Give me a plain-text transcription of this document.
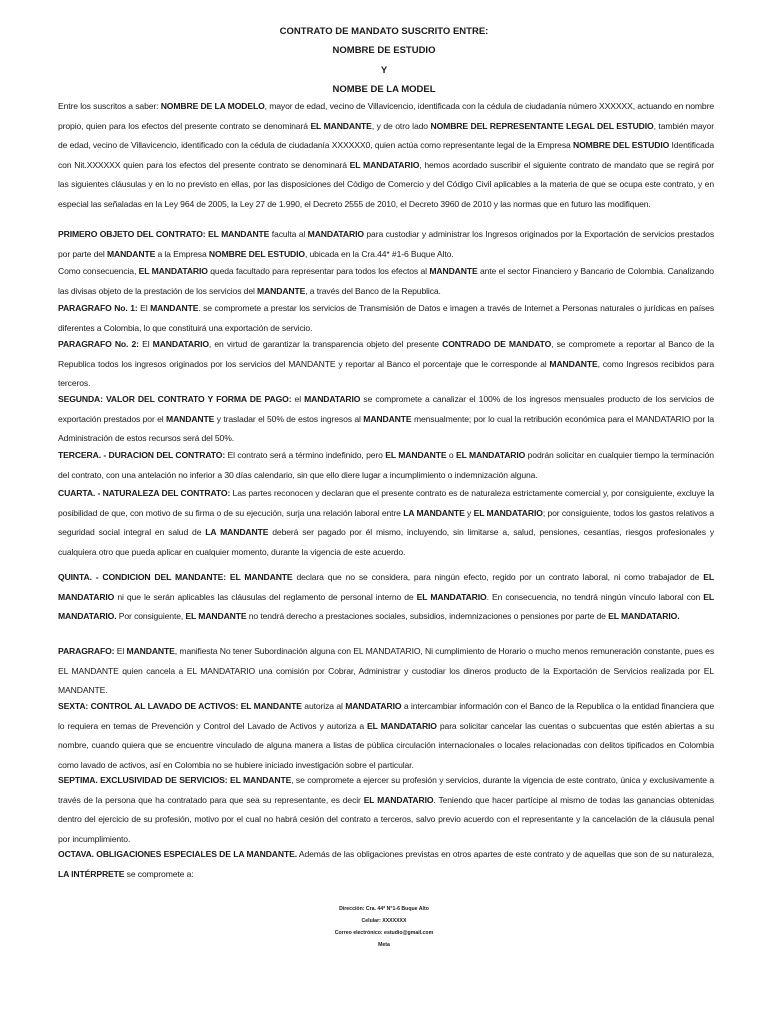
CONTRATO DE MANDATO SUSCRITO ENTRE:
NOMBRE DE ESTUDIO
Y
NOMBE DE LA MODEL
Entre los suscritos a saber: NOMBRE DE LA MODELO, mayor de edad, vecino de Villavicencio, identificada con la cédula de ciudadanía número XXXXXX, actuando en nombre propio, quien para los efectos del presente contrato se denominará EL MANDANTE, y de otro lado NOMBRE DEL REPRESENTANTE LEGAL DEL ESTUDIO, también mayor de edad, vecino de Villavicencio, identificado con la cédula de ciudadanía XXXXXX0, quien actúa como representante legal de la Empresa NOMBRE DEL ESTUDIO Identificada con Nit.XXXXXX quien para los efectos del presente contrato se denominará EL MANDATARIO, hemos acordado suscribir el siguiente contrato de mandato que se regirá por las siguientes cláusulas y en lo no previsto en ellas, por las disposiciones del Código de Comercio y del Código Civil aplicables a la materia de que se ocupa este contrato, y en especial las señaladas en la Ley 964 de 2005, la Ley 27 de 1.990, el Decreto 2555 de 2010, el Decreto 3960 de 2010 y las normas que en futuro las modifiquen.
PRIMERO OBJETO DEL CONTRATO: EL MANDANTE faculta al MANDATARIO para custodiar y administrar los Ingresos originados por la Exportación de servicios prestados por parte del MANDANTE a la Empresa NOMBRE DEL ESTUDIO, ubicada en la Cra.44* #1-6 Buque Alto.
Como consecuencia, EL MANDATARIO queda facultado para representar para todos los efectos al MANDANTE ante el sector Financiero y Bancario de Colombia. Canalizando las divisas objeto de la prestación de los servicios del MANDANTE, a través del Banco de la Republica.
PARAGRAFO No. 1: El MANDANTE. se compromete a prestar los servicios de Transmisión de Datos e imagen a través de Internet a Personas naturales o jurídicas en países diferentes a Colombia, lo que constituirá una exportación de servicio.
PARAGRAFO No. 2: El MANDATARIO, en virtud de garantizar la transparencia objeto del presente CONTRADO DE MANDATO, se compromete a reportar al Banco de la Republica todos los ingresos originados por los servicios del MANDANTE y reportar al Banco el porcentaje que le corresponde al MANDANTE, como Ingresos recibidos para terceros.
SEGUNDA: VALOR DEL CONTRATO Y FORMA DE PAGO: el MANDATARIO se compromete a canalizar el 100% de los ingresos mensuales producto de los servicios de exportación prestados por el MANDANTE y trasladar el 50% de estos ingresos al MANDANTE mensualmente; por lo cual la retribución económica para el MANDATARIO por la Administración de estos recursos será del 50%.
TERCERA. - DURACION DEL CONTRATO: El contrato será a término indefinido, pero EL MANDANTE o EL MANDATARIO podrán solicitar en cualquier tiempo la terminación del contrato, con una antelación no inferior a 30 días calendario, sin que ello diere lugar a incumplimiento o indemnización alguna.
CUARTA. - NATURALEZA DEL CONTRATO: Las partes reconocen y declaran que el presente contrato es de naturaleza estrictamente comercial y, por consiguiente, excluye la posibilidad de que, con motivo de su firma o de su ejecución, surja una relación laboral entre LA MANDANTE y EL MANDATARIO; por consiguiente, todos los gastos relativos a seguridad social integral en salud de LA MANDANTE deberá ser pagado por él mismo, incluyendo, sin limitarse a, salud, pensiones, cesantías, riesgos profesionales y cualquiera otro que pueda aplicar en cualquier momento, durante la vigencia de este acuerdo.
QUINTA. - CONDICION DEL MANDANTE: EL MANDANTE declara que no se considera, para ningún efecto, regido por un contrato laboral, ni como trabajador de EL MANDATARIO ni que le serán aplicables las cláusulas del reglamento de personal interno de EL MANDATARIO. En consecuencia, no tendrá ningún vínculo laboral con EL MANDATARIO. Por consiguiente, EL MANDANTE no tendrá derecho a prestaciones sociales, subsidios, indemnizaciones o pensiones por parte de EL MANDATARIO.
PARAGRAFO: El MANDANTE, manifiesta No tener Subordinación alguna con EL MANDATARIO, Ni cumplimiento de Horario o mucho menos remuneración constante, pues es EL MANDANTE quien cancela a EL MANDATARIO una comisión por Cobrar, Administrar y custodiar los dineros producto de la Exportación de Servicios realizada por EL MANDANTE.
SEXTA: CONTROL AL LAVADO DE ACTIVOS: EL MANDANTE autoriza al MANDATARIO a intercambiar información con el Banco de la Republica o la entidad financiera que lo requiera en temas de Prevención y Control del Lavado de Activos y autoriza a EL MANDATARIO para solicitar cancelar las cuentas o subcuentas que estén abiertas a su nombre, cuando quiera que se encuentre vinculado de alguna manera a listas de pública circulación internacionales o locales relacionadas con delitos tipificados en Colombia como lavado de activos, así en Colombia no se hubiere iniciado investigación sobre el particular.
SEPTIMA. EXCLUSIVIDAD DE SERVICIOS: EL MANDANTE, se compromete a ejercer su profesión y servicios, durante la vigencia de este contrato, única y exclusivamente a través de la persona que ha contratado para que sea su representante, es decir EL MANDATARIO. Teniendo que hacer partícipe al mismo de todas las ganancias obtenidas dentro del ejercicio de su profesión, motivo por el cual no habrá cesión del contrato a terceros, salvo previo acuerdo con el representante y la cancelación de la cláusula penal por incumplimiento.
OCTAVA. OBLIGACIONES ESPECIALES DE LA MANDANTE. Además de las obligaciones previstas en otros apartes de este contrato y de aquellas que son de su naturaleza, LA INTÉRPRETE se compromete a:
Dirección: Cra. 44* N°1-6 Buque Alto
Celular: XXXXXXX
Correo electrónico: estudio@gmail.com
Meta
